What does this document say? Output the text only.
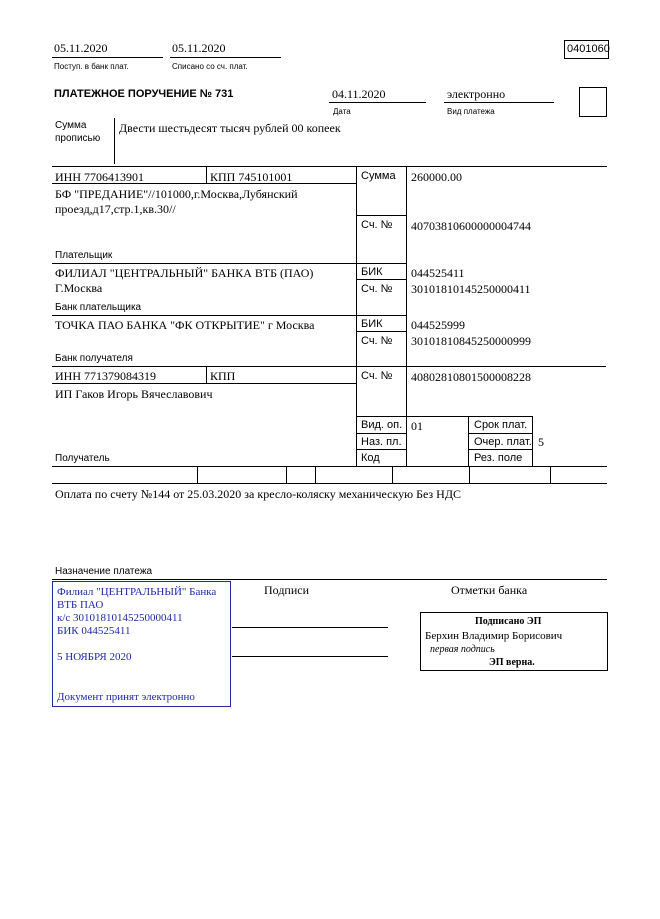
05.11.2020
Поступ. в банк плат.
05.11.2020
Списано со сч. плат.
0401060
ПЛАТЕЖНОЕ ПОРУЧЕНИЕ № 731	04.11.2020
Дата
электронно
Вид платежа
Сумма
прописью
Двести шестьдесят тысяч рублей 00 копеек
ИНН 7706413901	КПП 745101001
БФ "ПРЕДАНИЕ"//101000,г.Москва,Лубянский
проезд,д17,стр.1,кв.30//
Плательщик
Сумма 260000.00
Сч. № 40703810600000004744
ФИЛИАЛ "ЦЕНТРАЛЬНЫЙ" БАНКА ВТБ (ПАО)
Г.Москва
Банк плательщика
БИК 044525411
Сч. № 30101810145250000411
ТОЧКА ПАО БАНКА "ФК ОТКРЫТИЕ" г Москва
Банк получателя
БИК 044525999
Сч. № 30101810845250000999
ИНН 771379084319	КПП
ИП Гаков Игорь Вячеславович
Сч. № 40802810801500008228
Вид. оп. 01	Срок плат.
Наз. пл.	Очер. плат. 5
Код	Рез. поле
Получатель
Оплата по счету №144 от 25.03.2020 за кресло-коляску механическую Без НДС
Назначение платежа
Подписи	Отметки банка
Филиал "ЦЕНТРАЛЬНЫЙ" Банка
ВТБ ПАО
к/с 30101810145250000411
БИК 044525411
5 НОЯБРЯ 2020
Документ принят электронно
Подписано ЭП
Берхин Владимир Борисович
первая подпись
ЭП верна.
